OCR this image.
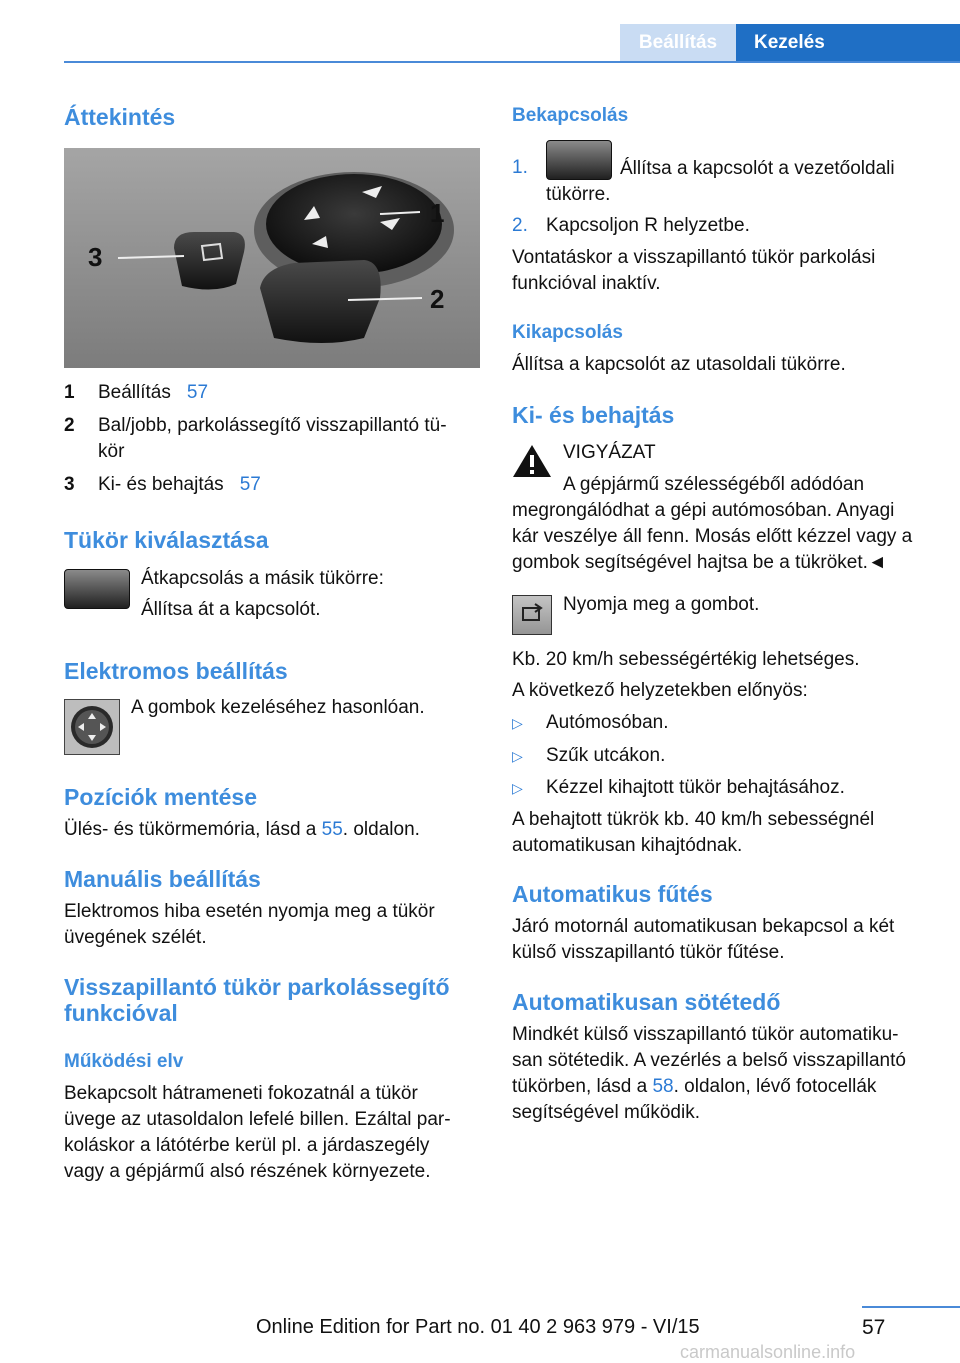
Beállítás	Kezelés
Áttekintés
3
1
2
1	Beállítás 57
2	Bal/jobb, parkolássegítő visszapillantó tü-
kör
3	Ki- és behajtás 57
Tükör kiválasztása

Átkapcsolás a másik tükörre:

Állítsa át a kapcsolót.

Elektromos beállítás

A gombok kezeléséhez hasonlóan.

Pozíciók mentése

Ülés- és tükörmemória, lásd a 55. oldalon.

Manuális beállítás

Elektromos hiba esetén nyomja meg a tükör

üvegének szélét.

Visszapillantó tükör parkolássegítő
funkcióval
Működési elv

Bekapcsolt hátrameneti fokozatnál a tükör

üvege az utasoldalon lefelé billen. Ezáltal par-

koláskor a látótérbe kerül pl. a járdaszegély

vagy a gépjármű alsó részének környezete.

Bekapcsolás
1.	Állítsa a kapcsolót a vezetőoldali

tükörre.

2. Kapcsoljon R helyzetbe.

Vontatáskor a visszapillantó tükör parkolási

funkcióval inaktív.

Kikapcsolás

Állítsa a kapcsolót az utasoldali tükörre.

Ki- és behajtás

VIGYÁZAT

A gépjármű szélességéből adódóan

megrongálódhat a gépi autómosóban. Anyagi

kár veszélye áll fenn. Mosás előtt kézzel vagy a

gombok segítségével hajtsa be a tükröket.◄

Nyomja meg a gombot.

Kb. 20 km/h sebességértékig lehetséges.

A következő helyzetekben előnyös:

▷	Autómosóban.
▷	Szűk utcákon.
▷	Kézzel kihajtott tükör behajtásához.

A behajtott tükrök kb. 40 km/h sebességnél

automatikusan kihajtódnak.

Automatikus fűtés

Járó motornál automatikusan bekapcsol a két

külső visszapillantó tükör fűtése.

Automatikusan sötétedő

Mindkét külső visszapillantó tükör automatiku-

san sötétedik. A vezérlés a belső visszapillantó

tükörben, lásd a 58. oldalon, lévő fotocellák

segítségével működik.

57
Online Edition for Part no. 01 40 2 963 979 - VI/15
carmanualsonline.info
